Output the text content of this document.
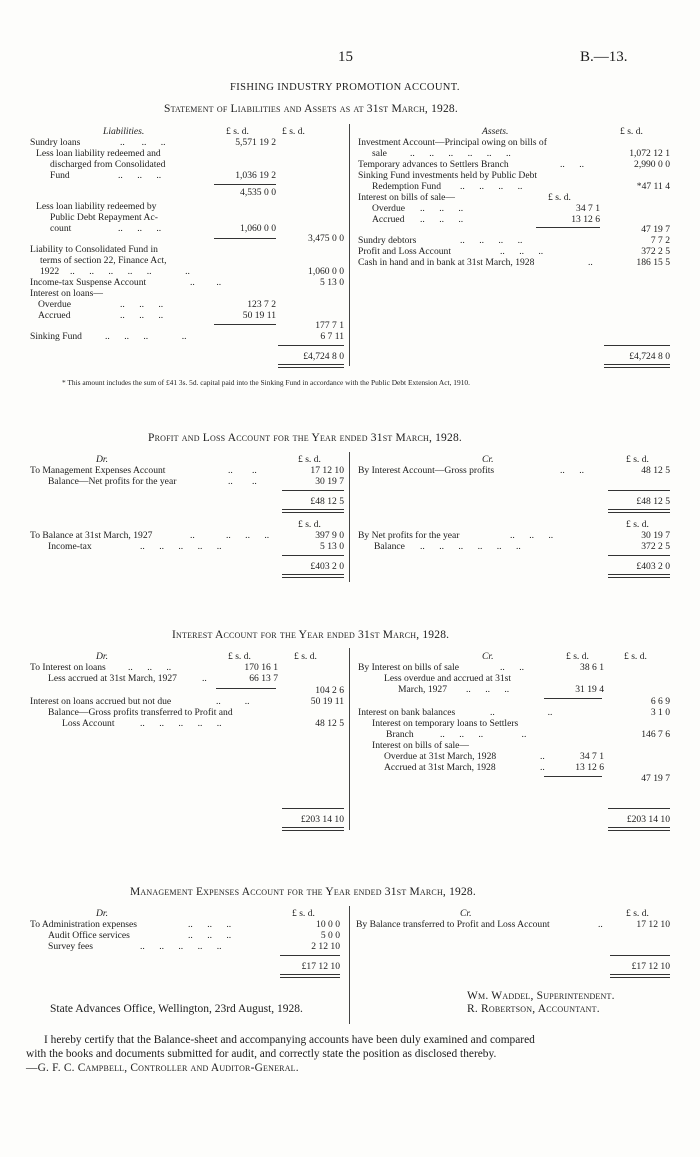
15	B.—13.
FISHING INDUSTRY PROMOTION ACCOUNT.
Statement of Liabilities and Assets as at 31st March, 1928.
Liabilities.	£ s. d.	£ s. d.	Assets.	£ s. d.
Sundry loans	..       ..      ..	5,571 19 2
Less loan liability redeemed and
discharged from Consolidated
Fund	..      ..      ..	1,036 19 2
4,535 0 0
Less loan liability redeemed by
Public Debt Repayment Ac-
count	..      ..      ..	1,060 0 0
3,475 0 0
Liability to Consolidated Fund in
terms of section 22, Finance Act,
1922 ..      ..      ..      ..      ..              ..	1,060 0 0
Income-tax Suspense Account	..         ..	5 13 0
Interest on loans—
Overdue	..      ..      ..	123 7 2
Accrued	..      ..      ..	50 19 11
177 7 1
Sinking Fund ..      ..      ..              ..	6 7 11
£4,724 8 0
Investment Account—Principal owing on bills of
sale ..      ..      ..      ..      ..      ..	1,072 12 1
Temporary advances to Settlers Branch	..      ..	2,990 0 0
Sinking Fund investments held by Public Debt
Redemption Fund ..      ..      ..      ..	*47 11 4
Interest on bills of sale—	£ s. d.
Overdue ..      ..      ..	34 7 1
Accrued ..      ..      ..	13 12 6
47 19 7
Sundry debtors	..      ..      ..      ..	7 7 2
Profit and Loss Account	..      ..      ..	372 2 5
Cash in hand and in bank at 31st March, 1928	..	186 15 5
£4,724 8 0
* This amount includes the sum of £41 3s. 5d. capital paid into the Sinking Fund in accordance with the Public Debt Extension Act, 1910.
Profit and Loss Account for the Year ended 31st March, 1928.
Dr.	£ s. d.	Cr.	£ s. d.
To Management Expenses Account	..        ..	17 12 10
Balance—Net profits for the year	..        ..	30 19 7
£48 12 5
By Interest Account—Gross profits	..      ..	48 12 5
£48 12 5
£ s. d.	£ s. d.
To Balance at 31st March, 1927	..             ..      ..      ..	397 9 0
Income-tax	..      ..      ..      ..      ..	5 13 0
£403 2 0
By Net profits for the year	..      ..      ..	30 19 7
Balance ..      ..      ..      ..      ..      ..	372 2 5
£403 2 0
Interest Account for the Year ended 31st March, 1928.
Dr.	£ s. d.	£ s. d.	Cr.	£ s. d.	£ s. d.
To Interest on loans ..      ..      ..	170 16 1
Less accrued at 31st March, 1927	..	66 13 7
104 2 6
Interest on loans accrued but not due	..          ..	50 19 11
Balance—Gross profits transferred to Profit and
Loss Account	..      ..      ..      ..      ..	48 12 5
£203 14 10
By Interest on bills of sale	..      ..	38 6 1
Less overdue and accrued at 31st
March, 1927 ..      ..      ..	31 19 4
6 6 9
Interest on bank balances	..                      ..	3 1 0
Interest on temporary loans to Settlers
Branch	..      ..      ..                ..	146 7 6
Interest on bills of sale—
Overdue at 31st March, 1928	..	34 7 1
Accrued at 31st March, 1928	..	13 12 6
47 19 7
£203 14 10
Management Expenses Account for the Year ended 31st March, 1928.
Dr.	£ s. d.	Cr.	£ s. d.
To Administration expenses	..      ..      ..	10 0 0
Audit Office services	..      ..      ..	5 0 0
Survey fees	..      ..      ..      ..      ..	2 12 10
£17 12 10
By Balance transferred to Profit and Loss Account	..	17 12 10
£17 12 10
Wm. Waddel, Superintendent.
State Advances Office, Wellington, 23rd August, 1928.	R. Robertson, Accountant.
I hereby certify that the Balance-sheet and accompanying accounts have been duly examined and compared
with the books and documents submitted for audit, and correctly state the position as disclosed thereby.
—G. F. C. Campbell, Controller and Auditor-General.
